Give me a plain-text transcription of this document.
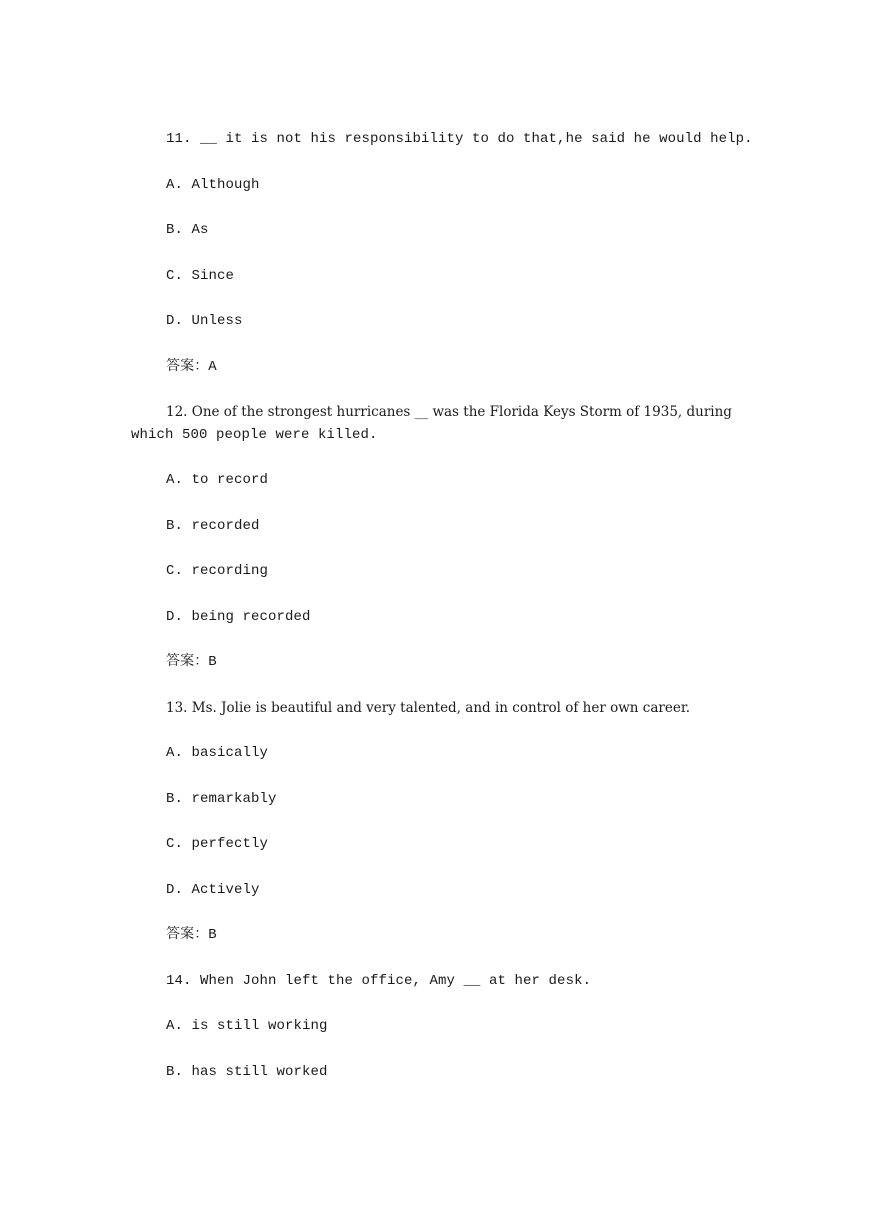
11. __ it is not his responsibility to do that,he said he would help.
A. Although
B. As
C. Since
D. Unless
答案：A
12. One of the strongest hurricanes __ was the Florida Keys Storm of 1935, during
which 500 people were killed.
A. to record
B. recorded
C. recording
D. being recorded
答案：B
13. Ms. Jolie is beautiful and very talented, and in control of her own career.
A. basically
B. remarkably
C. perfectly
D. Actively
答案：B
14. When John left the office, Amy __ at her desk.
A. is still working
B. has still worked
